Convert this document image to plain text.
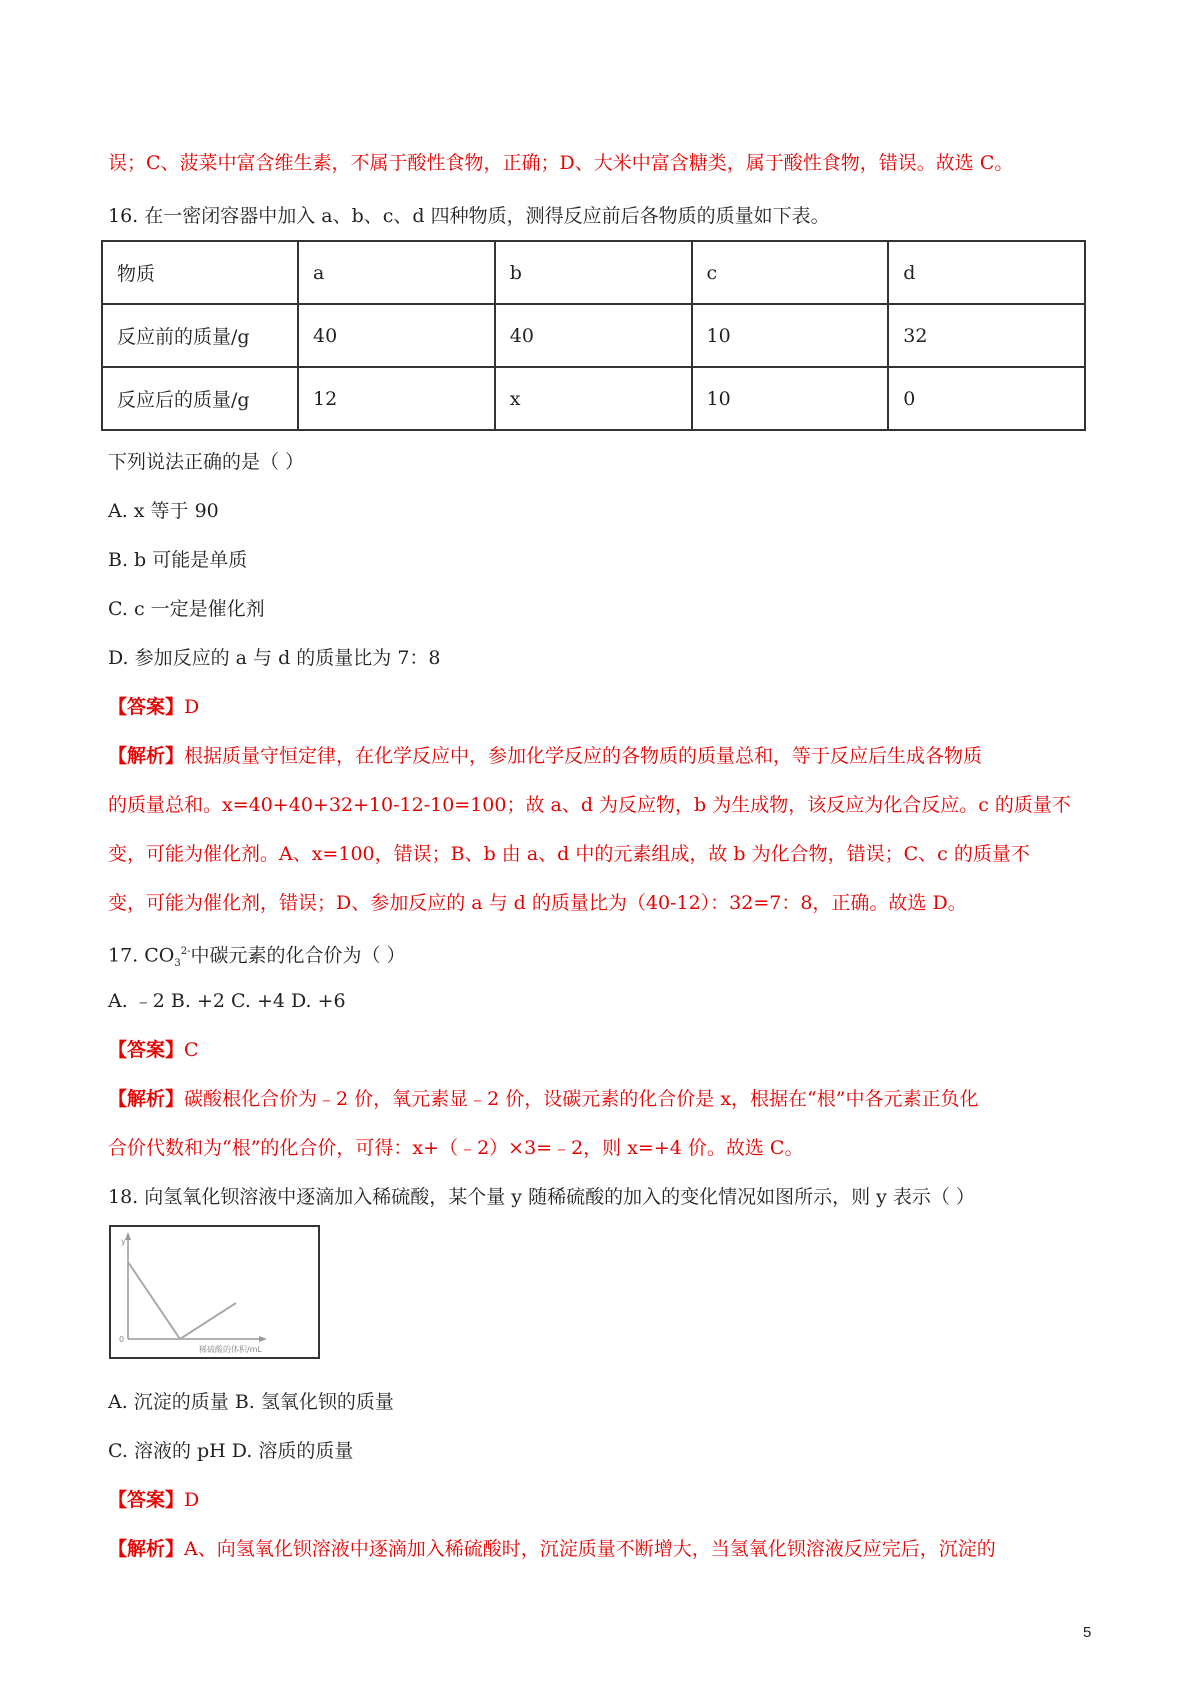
误；C、菠菜中富含维生素，不属于酸性食物，正确；D、大米中富含糖类，属于酸性食物，错误。故选 C。
16. 在一密闭容器中加入 a、b、c、d 四种物质，测得反应前后各物质的质量如下表。
物质	a	b	c	d
反应前的质量/g	40	40	10	32
反应后的质量/g	12	x	10	0
下列说法正确的是（ ）
A. x 等于 90
B. b 可能是单质
C. c 一定是催化剂
D. 参加反应的 a 与 d 的质量比为 7：8
【答案】D
【解析】根据质量守恒定律，在化学反应中，参加化学反应的各物质的质量总和，等于反应后生成各物质
的质量总和。x=40+40+32+10-12-10=100；故 a、d 为反应物，b 为生成物，该反应为化合反应。c 的质量不
变，可能为催化剂。A、x=100，错误；B、b 由 a、d 中的元素组成，故 b 为化合物，错误；C、c 的质量不
变，可能为催化剂，错误；D、参加反应的 a 与 d 的质量比为（40-12）：32=7：8，正确。故选 D。
17. $CO_3^{2-}$中碳元素的化合价为（ ）
A. ﹣2 B. +2 C. +4 D. +6
【答案】C
【解析】碳酸根化合价为﹣2 价，氧元素显﹣2 价，设碳元素的化合价是 x，根据在“根”中各元素正负化
合价代数和为“根”的化合价，可得：x+（﹣2）×3=﹣2，则 x=+4 价。故选 C。
18. 向氢氧化钡溶液中逐滴加入稀硫酸，某个量 y 随稀硫酸的加入的变化情况如图所示，则 y 表示（ ）
y
0
稀硫酸的体积/mL
A. 沉淀的质量 B. 氢氧化钡的质量
C. 溶液的 pH D. 溶质的质量
【答案】D
【解析】A、向氢氧化钡溶液中逐滴加入稀硫酸时，沉淀质量不断增大，当氢氧化钡溶液反应完后，沉淀的
5
